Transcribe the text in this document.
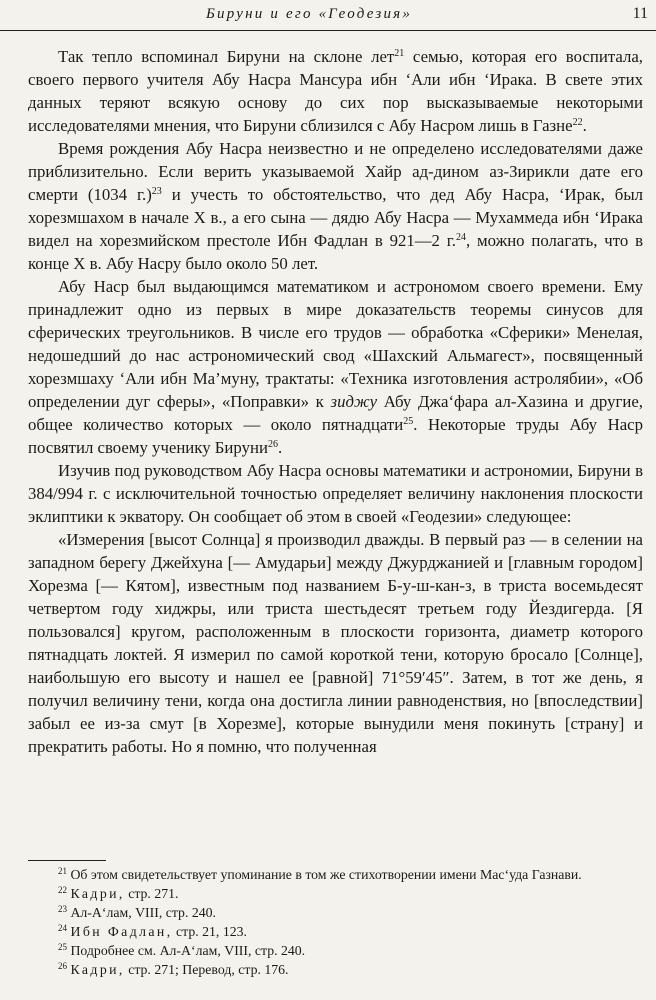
Бируни и его «Геодезия»	11

Так тепло вспоминал Бируни на склоне лет$^{21}$ семью, которая его воспитала, своего первого учителя Абу Насра Мансура ибн ‘Али ибн ‘Ирака. В свете этих данных теряют всякую основу до сих пор высказываемые некоторыми исследователями мнения, что Бируни сблизился с Абу Насром лишь в Газне$^{22}$.

Время рождения Абу Насра неизвестно и не определено исследователями даже приблизительно. Если верить указываемой Хайр ад-дином аз-Зирикли дате его смерти (1034 г.)$^{23}$ и учесть то обстоятельство, что дед Абу Насра, ‘Ирак, был хорезмшахом в начале X в., а его сына — дядю Абу Насра — Мухаммеда ибн ‘Ирака видел на хорезмийском престоле Ибн Фадлан в 921—2 г.$^{24}$, можно полагать, что в конце X в. Абу Насру было около 50 лет.

Абу Наср был выдающимся математиком и астрономом своего времени. Ему принадлежит одно из первых в мире доказательств теоремы синусов для сферических треугольников. В числе его трудов — обработка «Сферики» Менелая, недошедший до нас астрономический свод «Шахский Альмагест», посвященный хорезмшаху ‘Али ибн Ма’муну, трактаты: «Техника изготовления астролябии», «Об определении дуг сферы», «Поправки» к зиджу Абу Джа‘фара ал-Хазина и другие, общее количество которых — около пятнадцати$^{25}$. Некоторые труды Абу Наср посвятил своему ученику Бируни$^{26}$.

Изучив под руководством Абу Насра основы математики и астрономии, Бируни в 384/994 г. с исключительной точностью определяет величину наклонения плоскости эклиптики к экватору. Он сообщает об этом в своей «Геодезии» следующее:

«Измерения [высот Солнца] я производил дважды. В первый раз — в селении на западном берегу Джейхуна [— Амударьи] между Джурджанией и [главным городом] Хорезма [— Кятом], известным под названием Б-у-ш-кан-з, в триста восемьдесят четвертом году хиджры, или триста шестьдесят третьем году Йездигерда. [Я пользовался] кругом, расположенным в плоскости горизонта, диаметр которого пятнадцать локтей. Я измерил по самой короткой тени, которую бросало [Солнце], наибольшую его высоту и нашел ее [равной] 71°59′45″. Затем, в тот же день, я получил величину тени, когда она достигла линии равноденствия, но [впоследствии] забыл ее из-за смут [в Хорезме], которые вынудили меня покинуть [страну] и прекратить работы. Но я помню, что полученная

$^{21}$ Об этом свидетельствует упоминание в том же стихотворении имени Мас‘уда Газнави.

$^{22}$ Кадри, стр. 271.

$^{23}$ Ал-А‘лам, VIII, стр. 240.

$^{24}$ Ибн Фадлан, стр. 21, 123.

$^{25}$ Подробнее см. Ал-А‘лам, VIII, стр. 240.

$^{26}$ Кадри, стр. 271; Перевод, стр. 176.
